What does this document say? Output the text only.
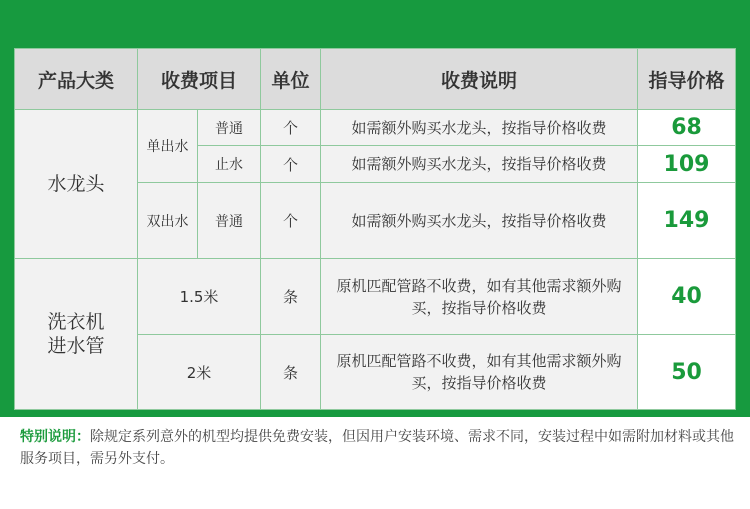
产品大类	收费项目		单位	收费说明	指导价格
水龙头	单出水	普通	个	如需额外购买水龙头，按指导价格收费	68
		止水	个	如需额外购买水龙头，按指导价格收费	109
	双出水	普通	个	如需额外购买水龙头，按指导价格收费	149

洗衣机
进水管	1.5米		条	原机匹配管路不收费，如有其他需求额外购买，按指导价格收费	40
	2米		条	原机匹配管路不收费，如有其他需求额外购买，按指导价格收费	50
特别说明：除规定系列意外的机型均提供免费安装，但因用户安装环境、需求不同，安装过程中如需附加材料或其他服务项目，需另外支付。
